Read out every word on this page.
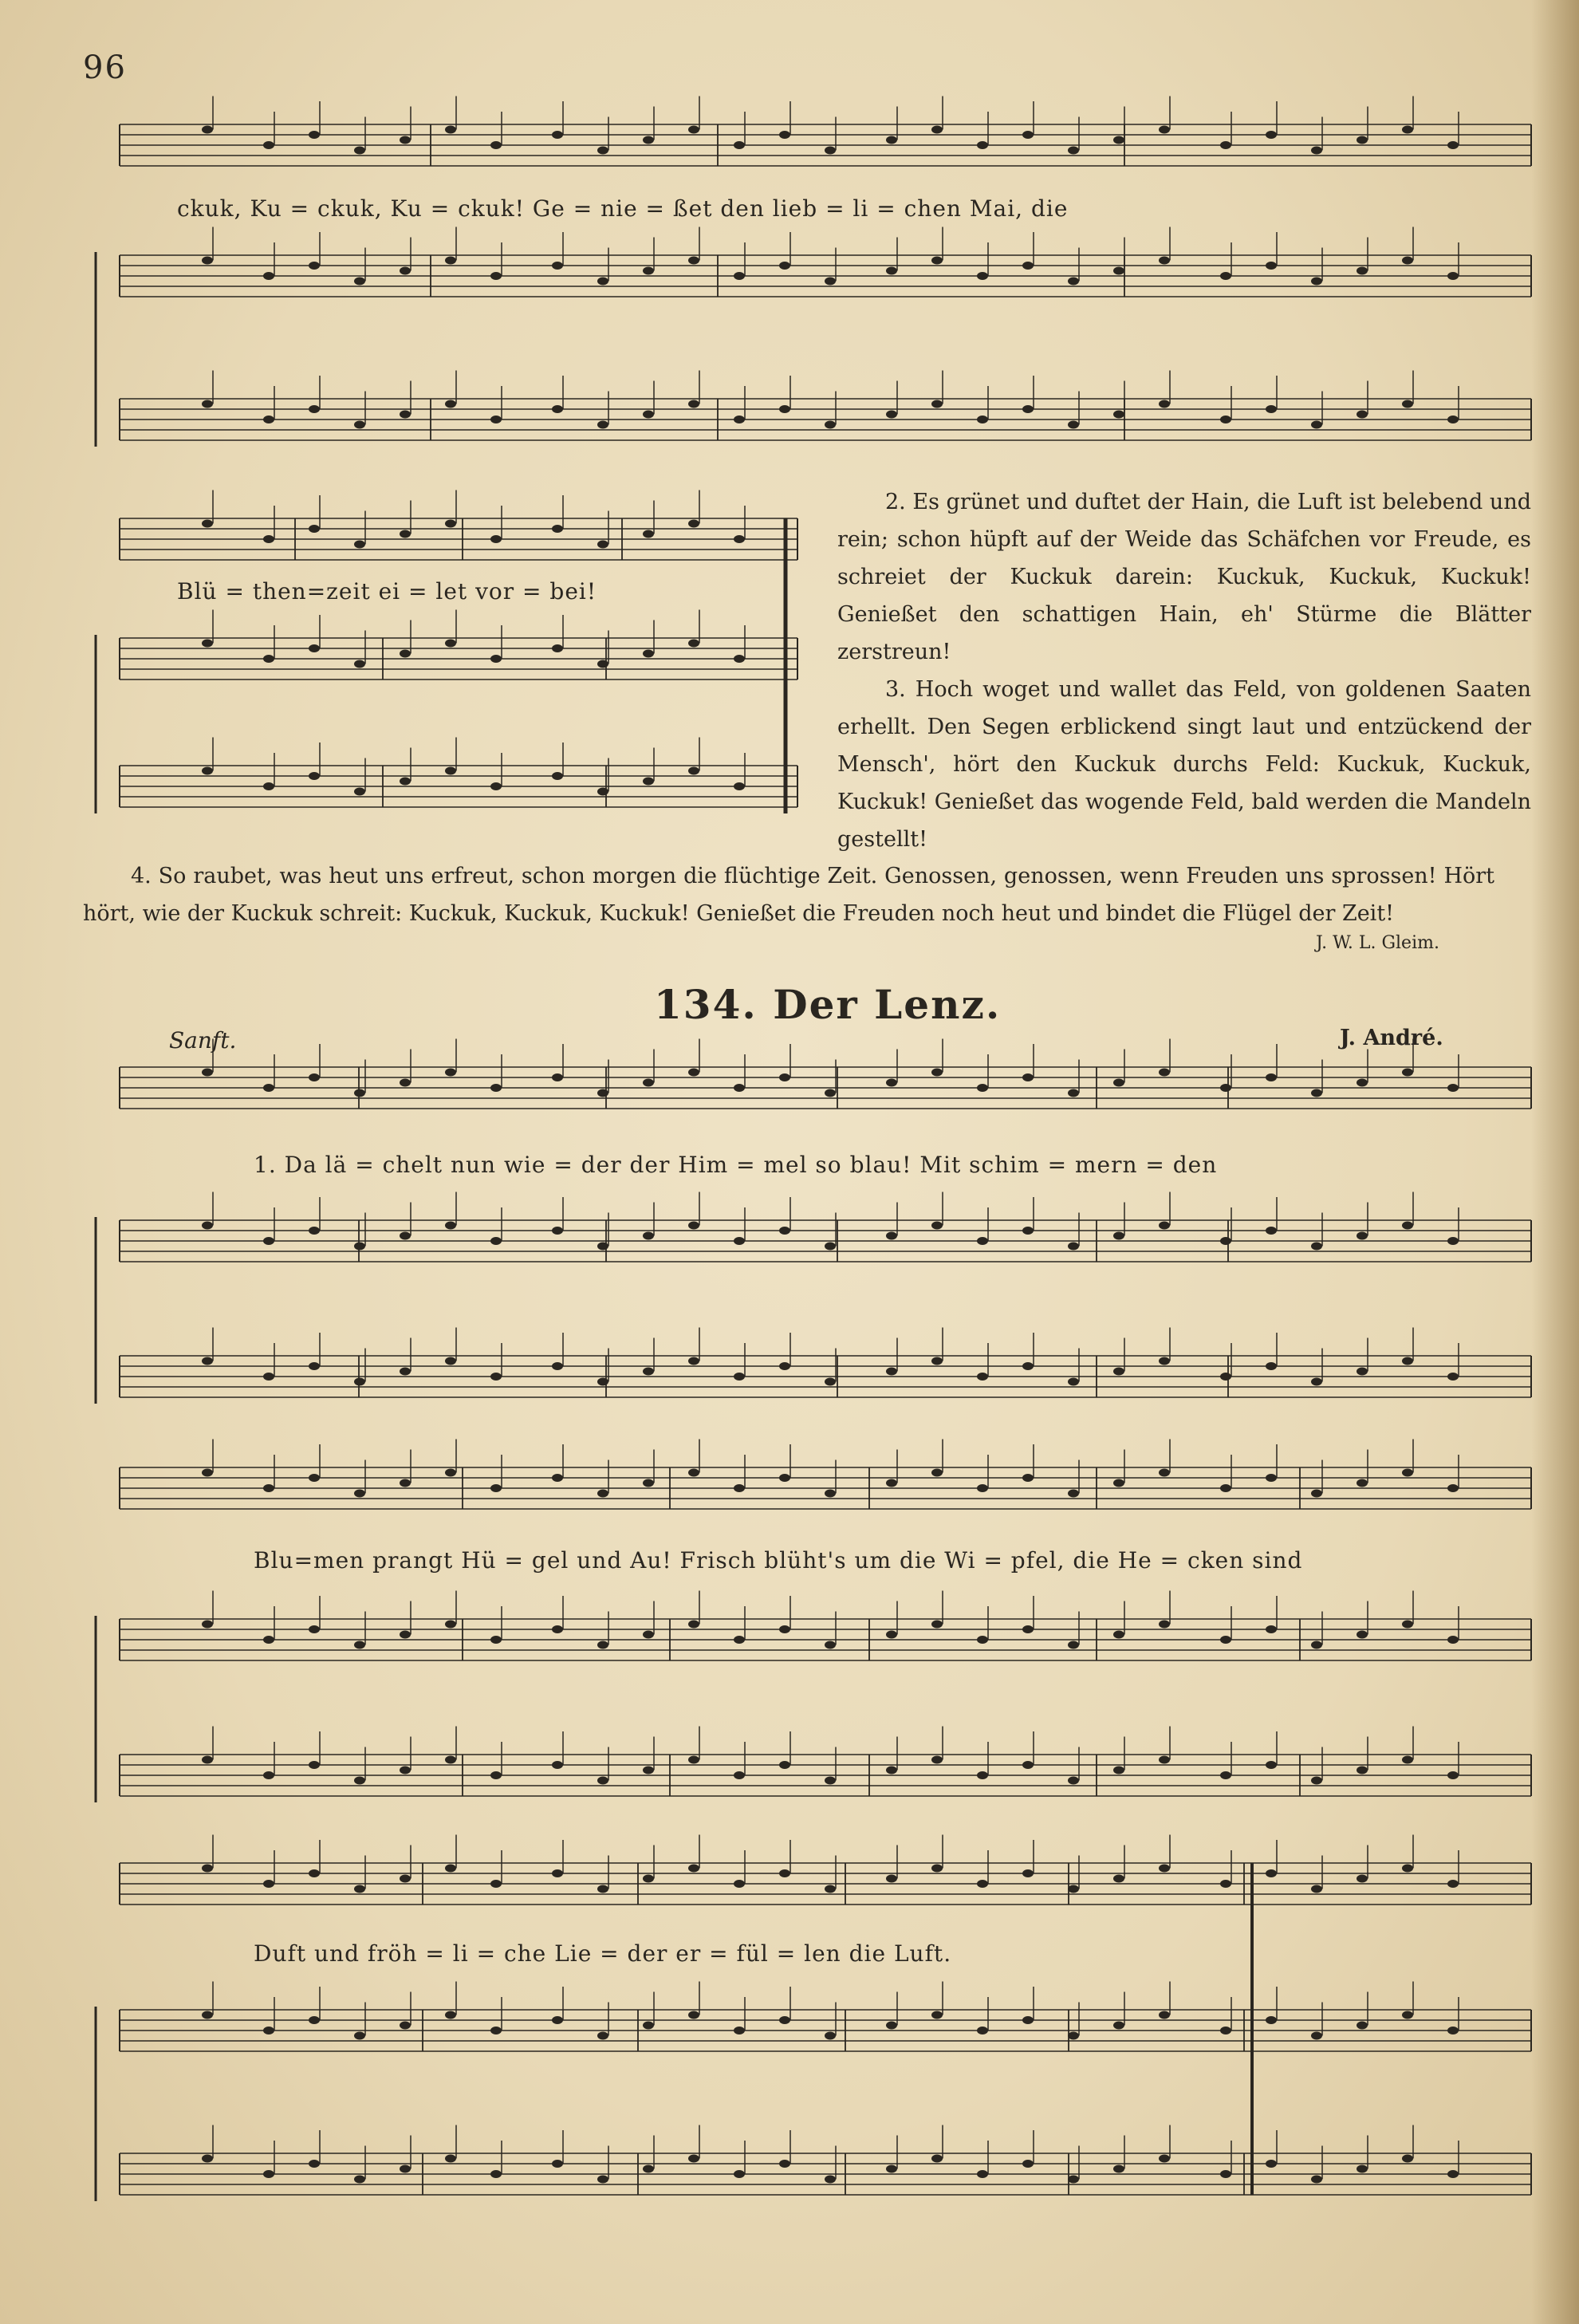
96
ckuk, Ku = ckuk, Ku = ckuk! Ge = nie = ßet den lieb = li = chen Mai, die
Blü = then=zeit ei = let vor = bei!

2. Es grünet und duftet der Hain, die Luft ist belebend und rein; schon hüpft auf der Weide das Schäfchen vor Freude, es schreiet der Kuckuk darein: Kuckuk, Kuckuk, Kuckuk! Genießet den schattigen Hain, eh' Stürme die Blätter zerstreun!

3. Hoch woget und wallet das Feld, von goldenen Saaten erhellt. Den Segen erblickend singt laut und entzückend der Mensch', hört den Kuckuk durchs Feld: Kuckuk, Kuckuk, Kuckuk! Genießet das wogende Feld, bald werden die Mandeln gestellt!

4. So raubet, was heut uns erfreut, schon morgen die flüchtige Zeit. Genossen, genossen, wenn Freuden uns sprossen! Hört hört, wie der Kuckuk schreit: Kuckuk, Kuckuk, Kuckuk! Genießet die Freuden noch heut und bindet die Flügel der Zeit!

J. W. L. Gleim.
134. Der Lenz.
Sanft.	J. André.
1. Da lä = chelt nun wie = der der Him = mel so blau! Mit schim = mern = den
Blu=men prangt Hü = gel und Au! Frisch blüht's um die Wi = pfel, die He = cken sind
Duft und fröh = li = che Lie = der er = fül = len die Luft.
